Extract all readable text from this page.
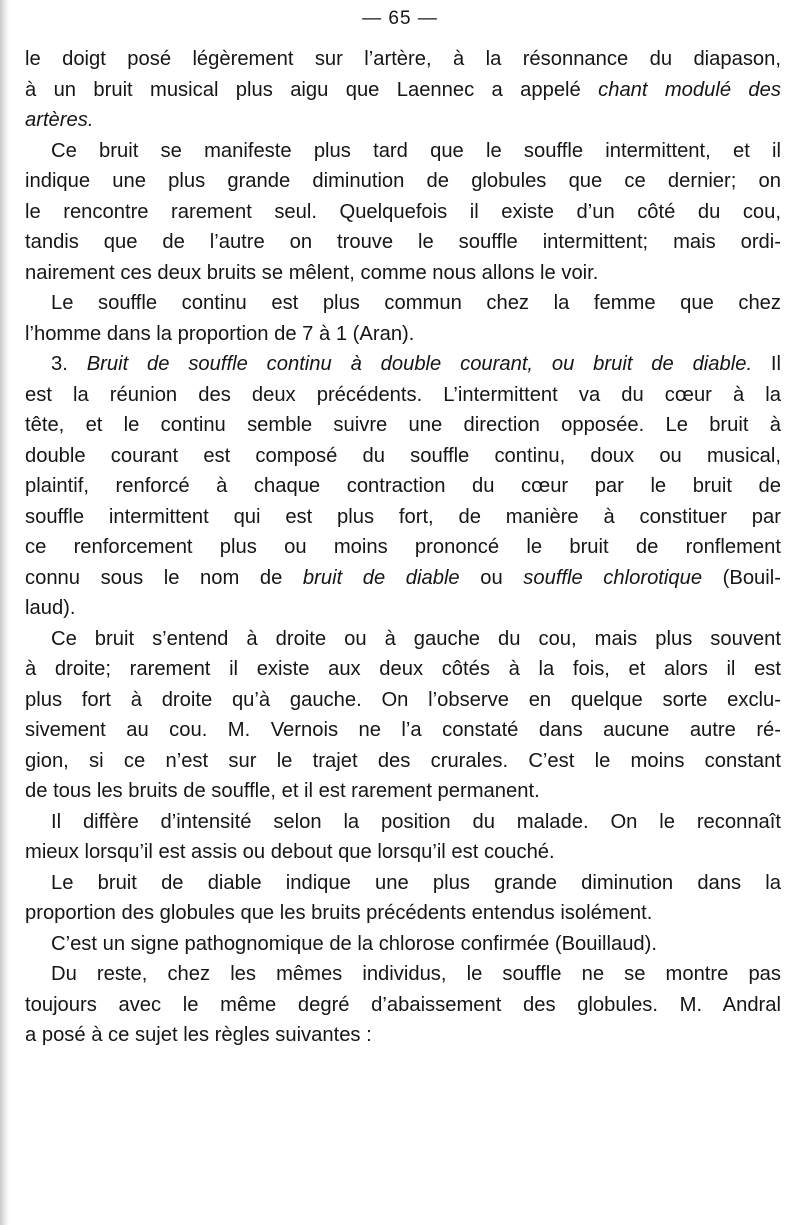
— 65 —
le doigt posé légèrement sur l’artère, à la résonnance du diapason,
à un bruit musical plus aigu que Laennec a appelé chant modulé des
artères.
Ce bruit se manifeste plus tard que le souffle intermittent, et il
indique une plus grande diminution de globules que ce dernier; on
le rencontre rarement seul. Quelquefois il existe d’un côté du cou,
tandis que de l’autre on trouve le souffle intermittent; mais ordi-
nairement ces deux bruits se mêlent, comme nous allons le voir.
Le souffle continu est plus commun chez la femme que chez
l’homme dans la proportion de 7 à 1 (Aran).
3. Bruit de souffle continu à double courant, ou bruit de diable. Il
est la réunion des deux précédents. L’intermittent va du cœur à la
tête, et le continu semble suivre une direction opposée. Le bruit à
double courant est composé du souffle continu, doux ou musical,
plaintif, renforcé à chaque contraction du cœur par le bruit de
souffle intermittent qui est plus fort, de manière à constituer par
ce renforcement plus ou moins prononcé le bruit de ronflement
connu sous le nom de bruit de diable ou souffle chlorotique (Bouil-
laud).
Ce bruit s’entend à droite ou à gauche du cou, mais plus souvent
à droite; rarement il existe aux deux côtés à la fois, et alors il est
plus fort à droite qu’à gauche. On l’observe en quelque sorte exclu-
sivement au cou. M. Vernois ne l’a constaté dans aucune autre ré-
gion, si ce n’est sur le trajet des crurales. C’est le moins constant
de tous les bruits de souffle, et il est rarement permanent.
Il diffère d’intensité selon la position du malade. On le reconnaît
mieux lorsqu’il est assis ou debout que lorsqu’il est couché.
Le bruit de diable indique une plus grande diminution dans la
proportion des globules que les bruits précédents entendus isolément.
C’est un signe pathognomique de la chlorose confirmée (Bouillaud).
Du reste, chez les mêmes individus, le souffle ne se montre pas
toujours avec le même degré d’abaissement des globules. M. Andral
a posé à ce sujet les règles suivantes :
